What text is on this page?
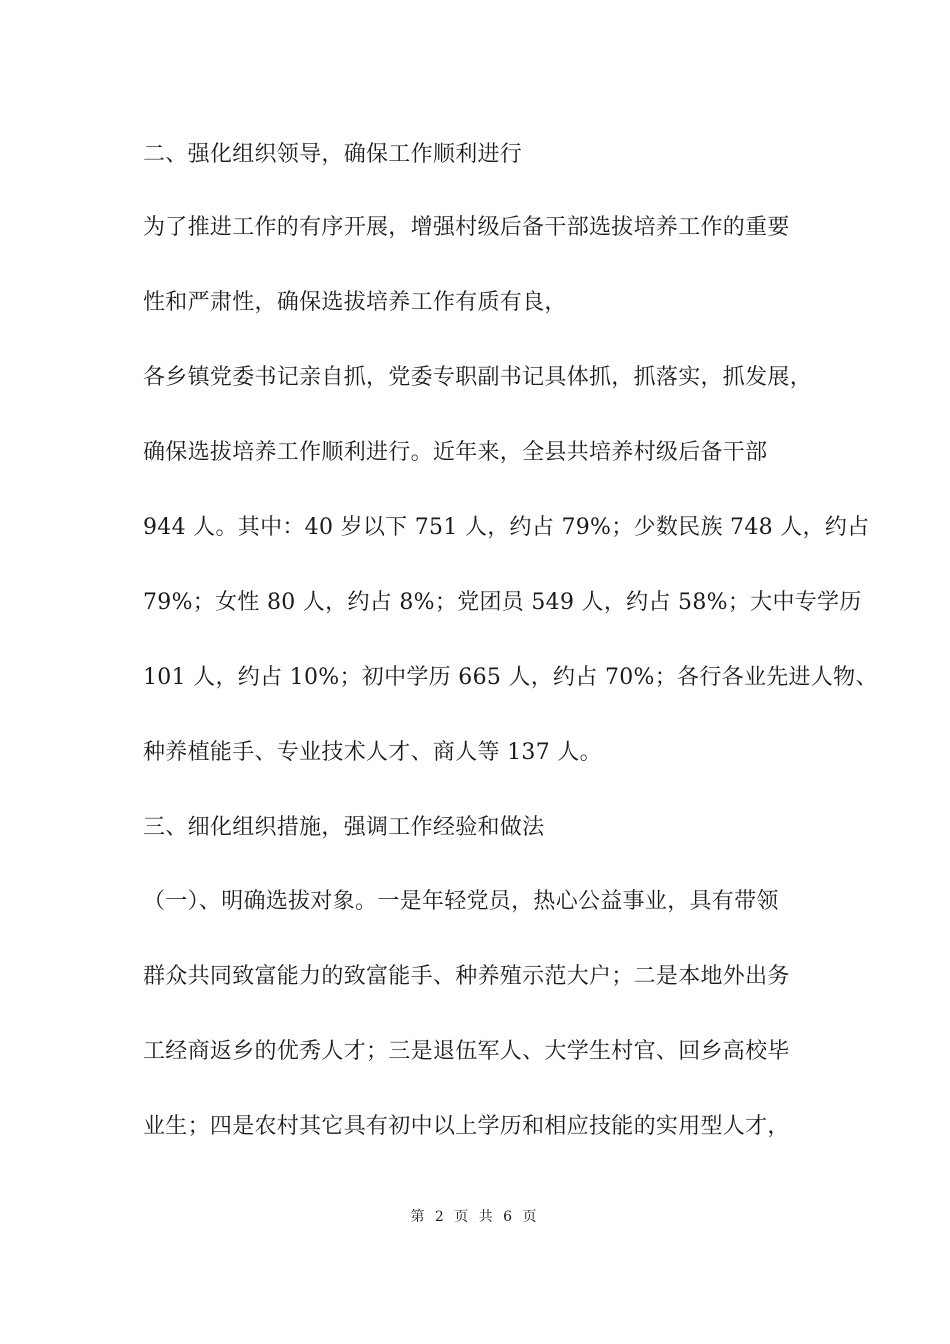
二、强化组织领导，确保工作顺利进行
为了推进工作的有序开展，增强村级后备干部选拔培养工作的重要
性和严肃性，确保选拔培养工作有质有良，
各乡镇党委书记亲自抓，党委专职副书记具体抓，抓落实，抓发展，
确保选拔培养工作顺利进行。近年来，全县共培养村级后备干部
944 人。其中：40 岁以下 751 人，约占 79%；少数民族 748 人，约占
79%；女性 80 人，约占 8%；党团员 549 人，约占 58%；大中专学历
101 人，约占 10%；初中学历 665 人，约占 70%；各行各业先进人物、
种养植能手、专业技术人才、商人等 137 人。
三、细化组织措施，强调工作经验和做法
（一）、明确选拔对象。一是年轻党员，热心公益事业，具有带领
群众共同致富能力的致富能手、种养殖示范大户；二是本地外出务
工经商返乡的优秀人才；三是退伍军人、大学生村官、回乡高校毕
业生；四是农村其它具有初中以上学历和相应技能的实用型人才，
第 2 页 共 6 页
